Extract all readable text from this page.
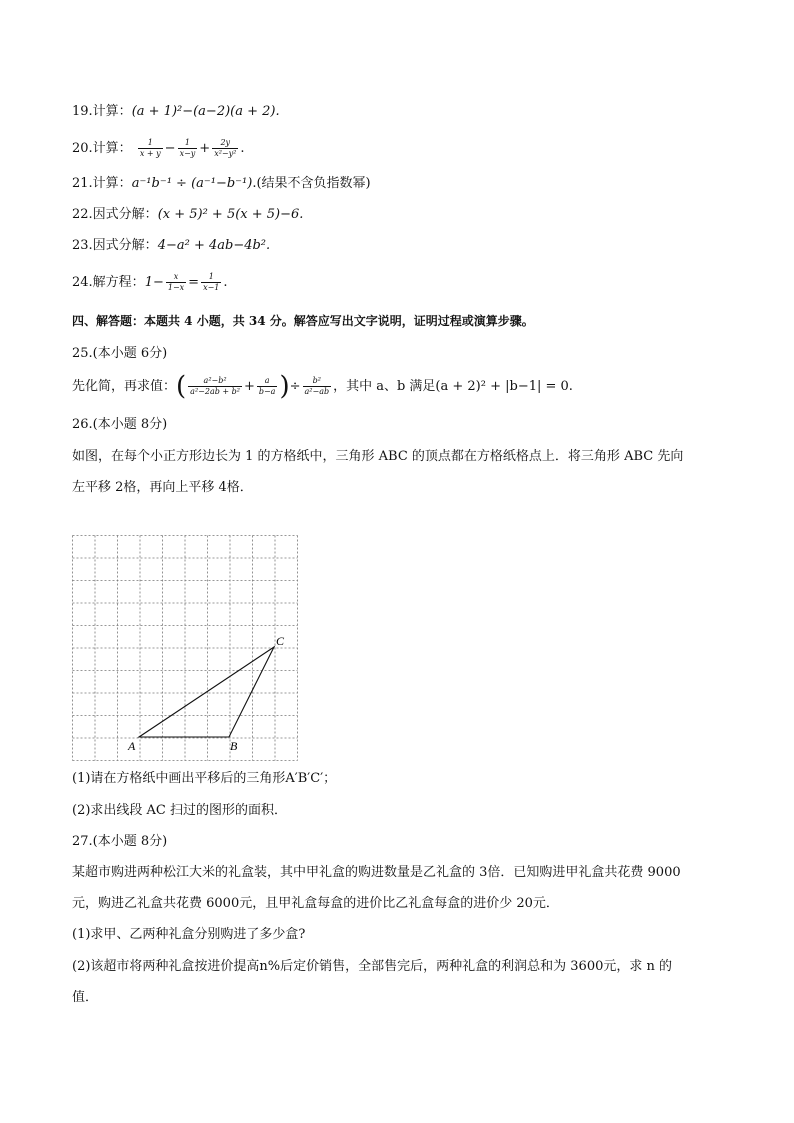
19.计算：(a + 1)²−(a−2)(a + 2).
20.计算： $\frac{1}{x + y} - \frac{1}{x-y} + \frac{2y}{\text{x²−y²}}$ .
21.计算：a⁻¹b⁻¹ ÷ (a⁻¹−b⁻¹).(结果不含负指数幂)
22.因式分解：(x + 5)² + 5(x + 5)−6.
23.因式分解：4−a² + 4ab−4b².
24.解方程：$1- \frac{x}{1-x} = \frac{1}{x-1}$ .
四、解答题：本题共 4 小题，共 34 分。解答应写出文字说明，证明过程或演算步骤。
25.(本小题 6分)
先化简，再求值：( $\frac{\text{a²−b²}}{\text{a²−2ab + b²}} + \frac{a}{b-a}$ )÷ $\frac{\text{b²}}{\text{a²−ab}}$ ，其中 a、b 满足(a + 2)² + |b−1| = 0.
26.(本小题 8分)
如图，在每个小正方形边长为 1 的方格纸中，三角形 ABC 的顶点都在方格纸格点上．将三角形 ABC 先向
左平移 2格，再向上平移 4格．
A	B
C
(1)请在方格纸中画出平移后的三角形A′B′C′；
(2)求出线段 AC 扫过的图形的面积．
27.(本小题 8分)
某超市购进两种松江大米的礼盒装，其中甲礼盒的购进数量是乙礼盒的 3倍．已知购进甲礼盒共花费 9000
元，购进乙礼盒共花费 6000元，且甲礼盒每盒的进价比乙礼盒每盒的进价少 20元．
(1)求甲、乙两种礼盒分别购进了多少盒?
(2)该超市将两种礼盒按进价提高n%后定价销售，全部售完后，两种礼盒的利润总和为 3600元，求 n 的
值．
